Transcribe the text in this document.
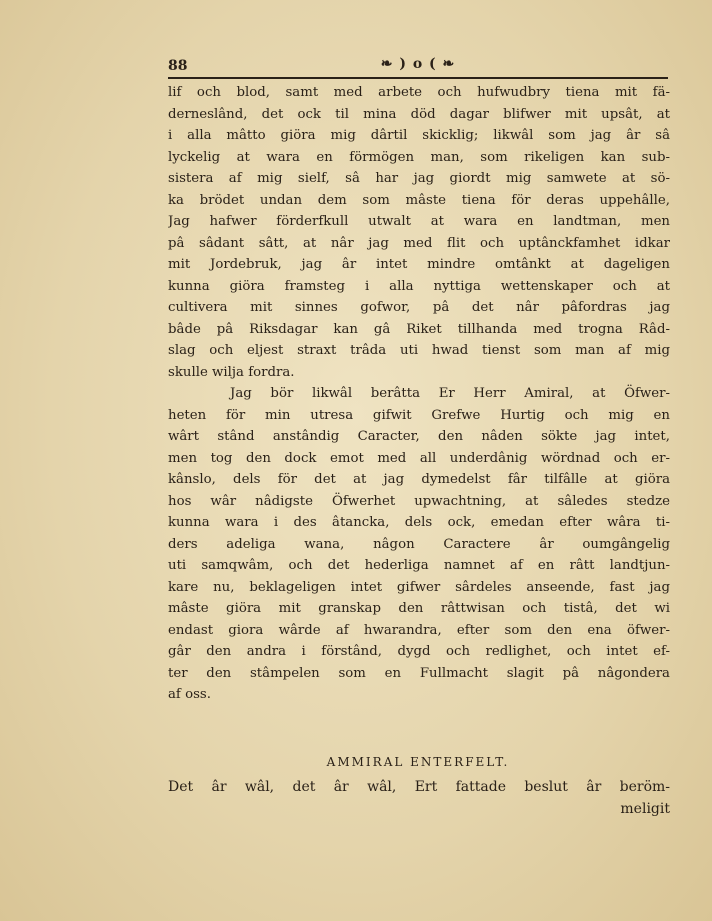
88	❧ ) o ( ❧
lif och blod, samt med arbete och hufwudbry tiena mit fä-
derneslând, det ock til mina död dagar blifwer mit upsât, at
i alla mâtto giöra mig dârtil skicklig; likwâl som jag âr sâ
lyckelig at wara en förmögen man, som rikeligen kan sub-
sistera af mig sielf, sâ har jag giordt mig samwete at sö-
ka brödet undan dem som mâste tiena för deras uppehâlle,
Jag hafwer förderfkull utwalt at wara en landtman, men
pâ sâdant sâtt, at nâr jag med flit och uptânckfamhet idkar
mit Jordebruk, jag âr intet mindre omtânkt at dageligen
kunna giöra framsteg i alla nyttiga wettenskaper och at
cultivera mit sinnes gofwor, pâ det nâr pâfordras jag
bâde pâ Riksdagar kan gâ Riket tillhanda med trogna Râd-
slag och eljest straxt trâda uti hwad tienst som man af mig
skulle wilja fordra.
Jag bör likwâl berâtta Er Herr Amiral, at Öfwer-
heten för min utresa gifwit Grefwe Hurtig och mig en
wârt stând anstândig Caracter, den nâden sökte jag intet,
men tog den dock emot med all underdânig wördnad och er-
kânslo, dels för det at jag dymedelst fâr tilfâlle at giöra
hos wâr nâdigste Öfwerhet upwachtning, at sâledes stedze
kunna wara i des âtancka, dels ock, emedan efter wâra ti-
ders adeliga wana, nâgon Caractere âr oumgângelig
uti samqwâm, och det hederliga namnet af en râtt landtjun-
kare nu, beklageligen intet gifwer sârdeles anseende, fast jag
mâste giöra mit granskap den râttwisan och tistâ, det wi
endast giora wârde af hwarandra, efter som den ena öfwer-
gâr den andra i förstând, dygd och redlighet, och intet ef-
ter den stâmpelen som en Fullmacht slagit pâ nâgondera
af oss.
AMMIRAL ENTERFELT.
Det âr wâl, det âr wâl, Ert fattade beslut âr beröm-
meligit
